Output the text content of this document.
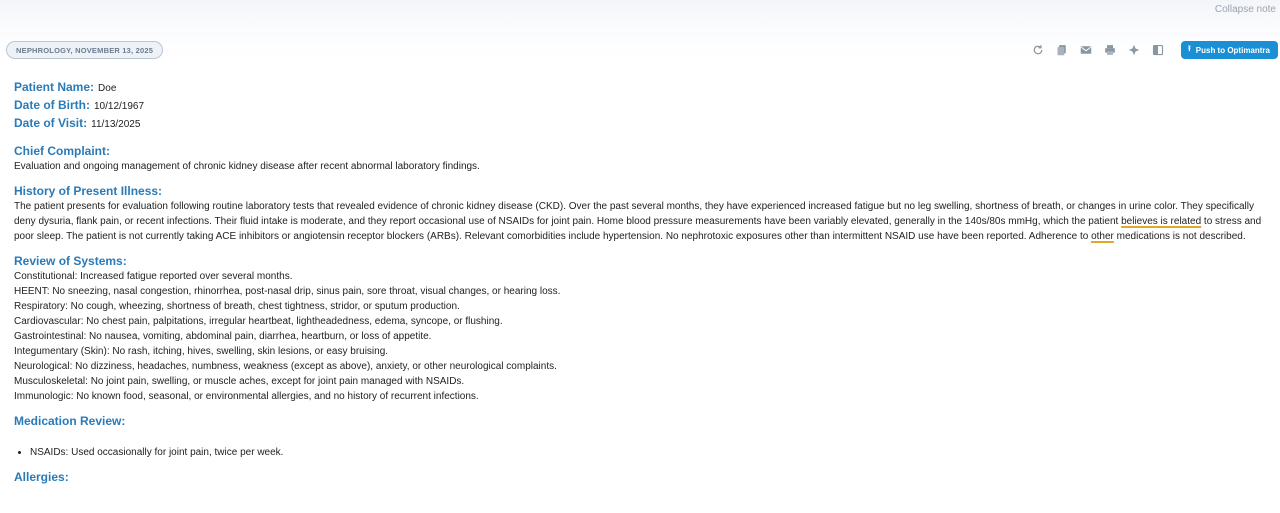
Collapse note
NEPHROLOGY, NOVEMBER 13, 2025	⭱ Push to Optimantra
Patient Name: Doe
Date of Birth: 10/12/1967
Date of Visit: 11/13/2025
Chief Complaint:

Evaluation and ongoing management of chronic kidney disease after recent abnormal laboratory findings.

History of Present Illness:

The patient presents for evaluation following routine laboratory tests that revealed evidence of chronic kidney disease (CKD). Over the past several months, they have experienced increased fatigue but no leg swelling, shortness of breath, or changes in urine color. They specifically deny dysuria, flank pain, or recent infections. Their fluid intake is moderate, and they report occasional use of NSAIDs for joint pain. Home blood pressure measurements have been variably elevated, generally in the 140s/80s mmHg, which the patient believes is related to stress and poor sleep. The patient is not currently taking ACE inhibitors or angiotensin receptor blockers (ARBs). Relevant comorbidities include hypertension. No nephrotoxic exposures other than intermittent NSAID use have been reported. Adherence to other medications is not described.

Review of Systems:
Constitutional: Increased fatigue reported over several months.
HEENT: No sneezing, nasal congestion, rhinorrhea, post-nasal drip, sinus pain, sore throat, visual changes, or hearing loss.
Respiratory: No cough, wheezing, shortness of breath, chest tightness, stridor, or sputum production.
Cardiovascular: No chest pain, palpitations, irregular heartbeat, lightheadedness, edema, syncope, or flushing.
Gastrointestinal: No nausea, vomiting, abdominal pain, diarrhea, heartburn, or loss of appetite.
Integumentary (Skin): No rash, itching, hives, swelling, skin lesions, or easy bruising.
Neurological: No dizziness, headaches, numbness, weakness (except as above), anxiety, or other neurological complaints.
Musculoskeletal: No joint pain, swelling, or muscle aches, except for joint pain managed with NSAIDs.
Immunologic: No known food, seasonal, or environmental allergies, and no history of recurrent infections.
Medication Review:
• NSAIDs: Used occasionally for joint pain, twice per week.
Allergies:
